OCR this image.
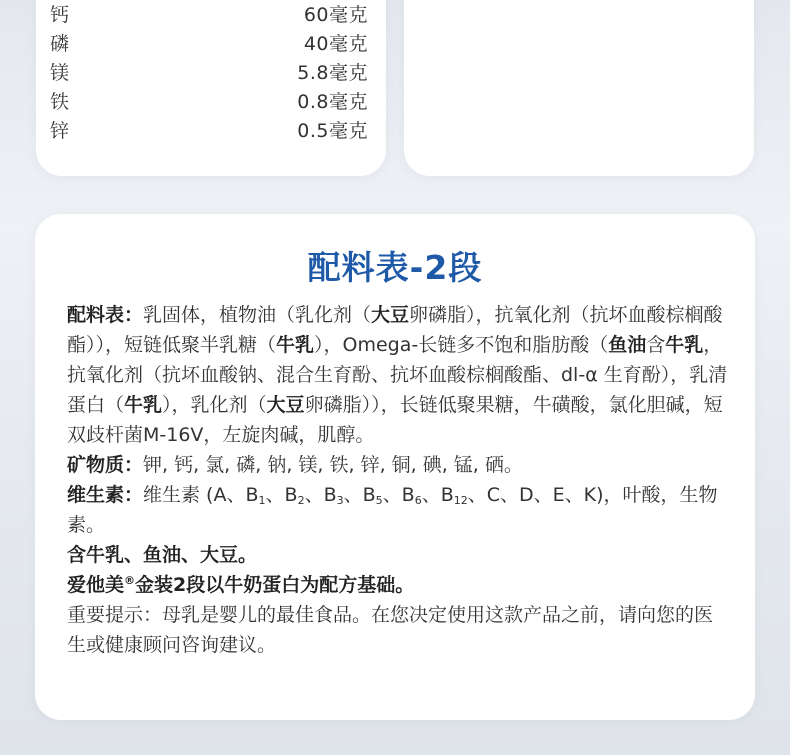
钙	60毫克
磷	40毫克
镁	5.8毫克
铁	0.8毫克
锌	0.5毫克
配料表-2段

配料表：乳固体，植物油（乳化剂（大豆卵磷脂），抗氧化剂（抗坏血酸棕榈酸酯）），短链低聚半乳糖（牛乳），Omega-长链多不饱和脂肪酸（鱼油含牛乳，抗氧化剂（抗坏血酸钠、混合生育酚、抗坏血酸棕榈酸酯、dl-α 生育酚），乳清蛋白（牛乳），乳化剂（大豆卵磷脂）），长链低聚果糖，牛磺酸，氯化胆碱，短双歧杆菌M-16V，左旋肉碱，肌醇。

矿物质：钾, 钙, 氯, 磷, 钠, 镁, 铁, 锌, 铜, 碘, 锰, 硒。

维生素：维生素 (A、$B_1$、$B_2$、$B_3$、$B_5$、$B_6$、$B_{12}$、C、D、E、K)，叶酸，生物素。

含牛乳、鱼油、大豆。

爱他美®金装2段以牛奶蛋白为配方基础。

重要提示：母乳是婴儿的最佳食品。在您决定使用这款产品之前，请向您的医生或健康顾问咨询建议。
